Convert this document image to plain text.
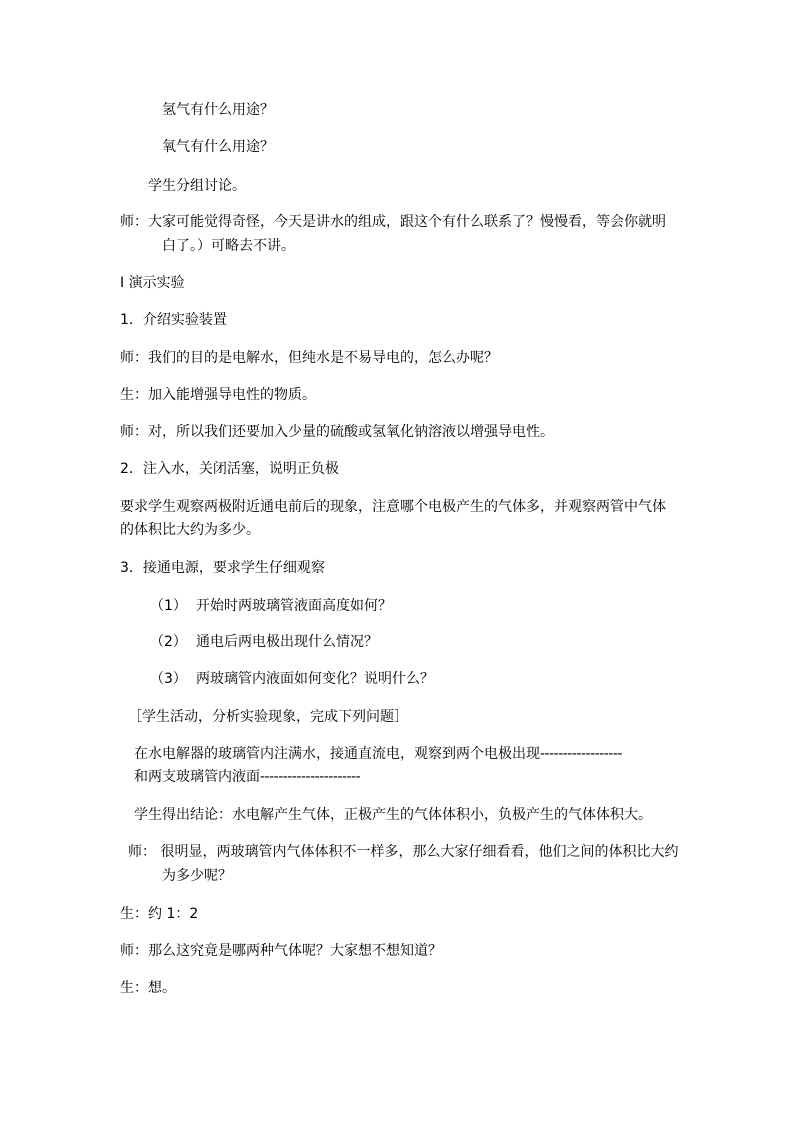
氢气有什么用途？
氧气有什么用途？
学生分组讨论。
师：大家可能觉得奇怪，今天是讲水的组成，跟这个有什么联系了？慢慢看，等会你就明
白了。）可略去不讲。
Ⅰ 演示实验
1．介绍实验装置
师：我们的目的是电解水，但纯水是不易导电的，怎么办呢？
生：加入能增强导电性的物质。
师：对，所以我们还要加入少量的硫酸或氢氧化钠溶液以增强导电性。
2．注入水，关闭活塞，说明正负极
要求学生观察两极附近通电前后的现象，注意哪个电极产生的气体多，并观察两管中气体
的体积比大约为多少。
3．接通电源，要求学生仔细观察
（1） 开始时两玻璃管液面高度如何？
（2） 通电后两电极出现什么情况？
（3） 两玻璃管内液面如何变化？说明什么？
［学生活动，分析实验现象，完成下列问题］
在水电解器的玻璃管内注满水，接通直流电，观察到两个电极出现------------------
和两支玻璃管内液面----------------------
学生得出结论：水电解产生气体，正极产生的气体体积小，负极产生的气体体积大。
师： 很明显，两玻璃管内气体体积不一样多，那么大家仔细看看，他们之间的体积比大约
为多少呢？
生：约 1：2
师：那么这究竟是哪两种气体呢？大家想不想知道？
生：想。
